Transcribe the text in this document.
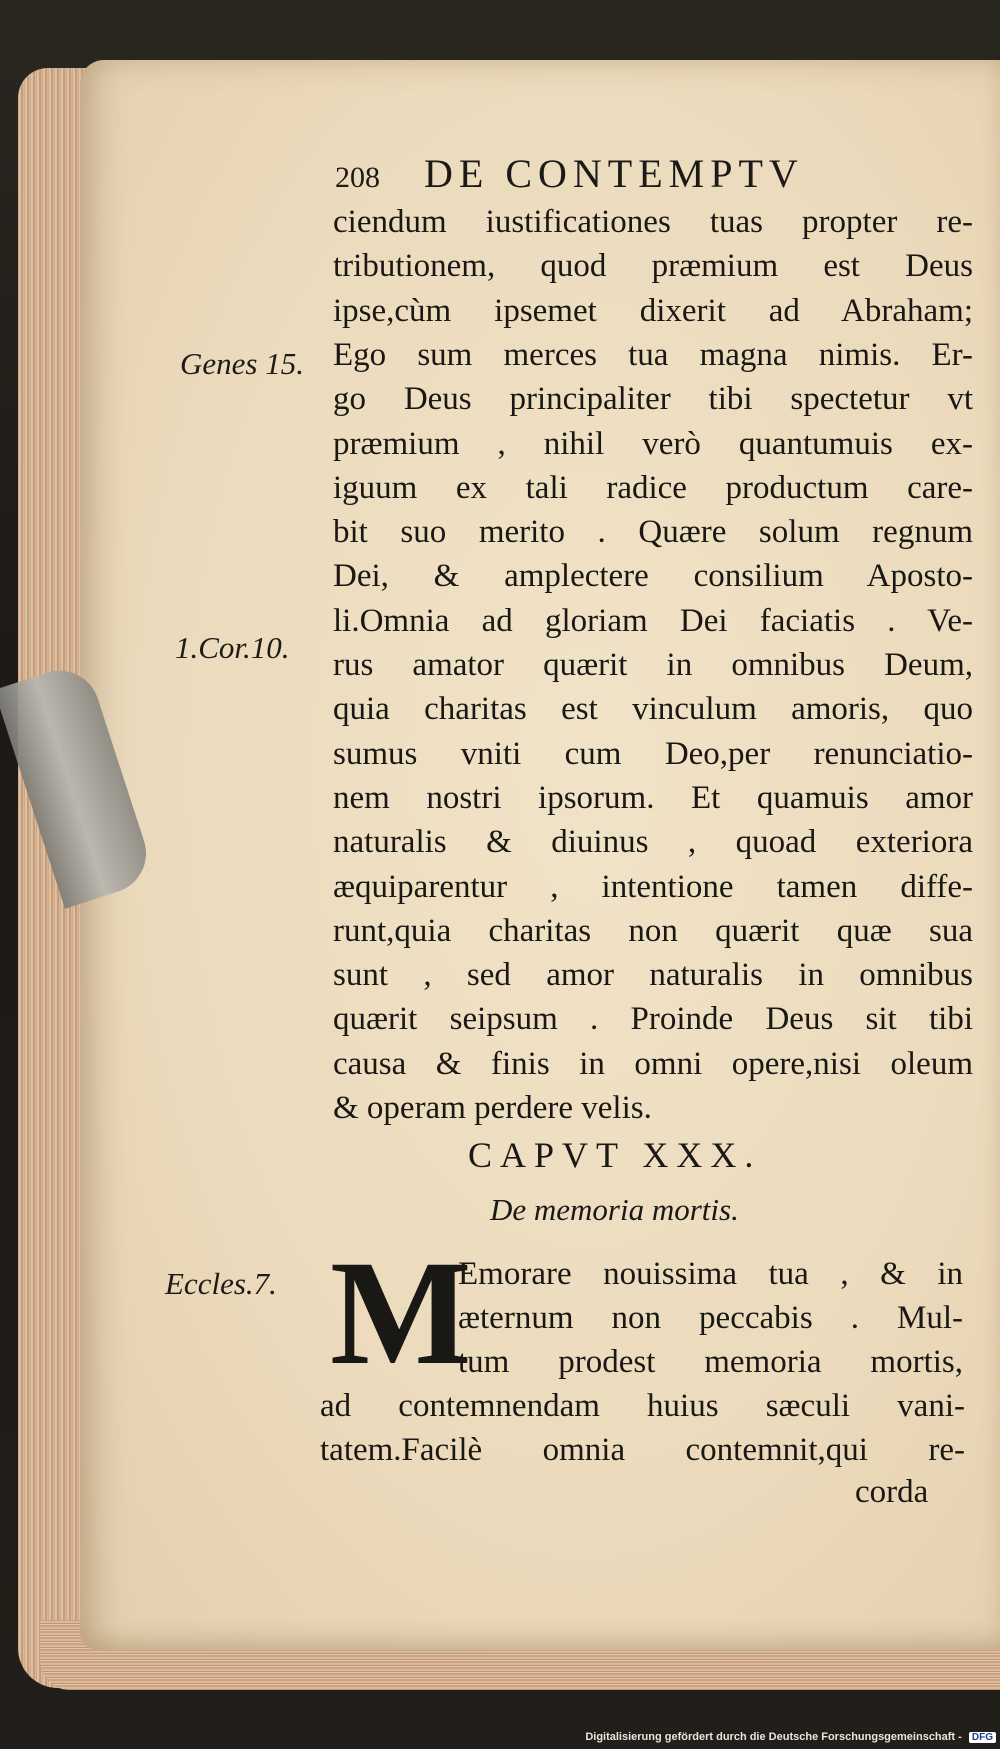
208 DE CONTEMPTV
ciendum iustificationes tuas propter re-
tributionem, quod præmium est Deus
ipse,cùm ipsemet dixerit ad Abraham;
Ego sum merces tua magna nimis. Er-
go Deus principaliter tibi spectetur vt
præmium , nihil verò quantumuis ex-
iguum ex tali radice productum care-
bit suo merito . Quære solum regnum
Dei, & amplectere consilium Aposto-
li.Omnia ad gloriam Dei faciatis . Ve-
rus amator quærit in omnibus Deum,
quia charitas est vinculum amoris, quo
sumus vniti cum Deo,per renunciatio-
nem nostri ipsorum. Et quamuis amor
naturalis & diuinus , quoad exteriora
æquiparentur , intentione tamen diffe-
runt,quia charitas non quærit quæ sua
sunt , sed amor naturalis in omnibus
quærit seipsum . Proinde Deus sit tibi
causa & finis in omni opere,nisi oleum
& operam perdere velis.
Genes 15.
1.Cor.10.
Eccles.7.
CAPVT XXX.
De memoria mortis.
M
Emorare nouissima tua , & in
æternum non peccabis . Mul-
tum prodest memoria mortis,
ad contemnendam huius sæculi vani-
tatem.Facilè omnia contemnit,qui re-
corda
Digitalisierung gefördert durch die Deutsche Forschungsgemeinschaft - DFG
